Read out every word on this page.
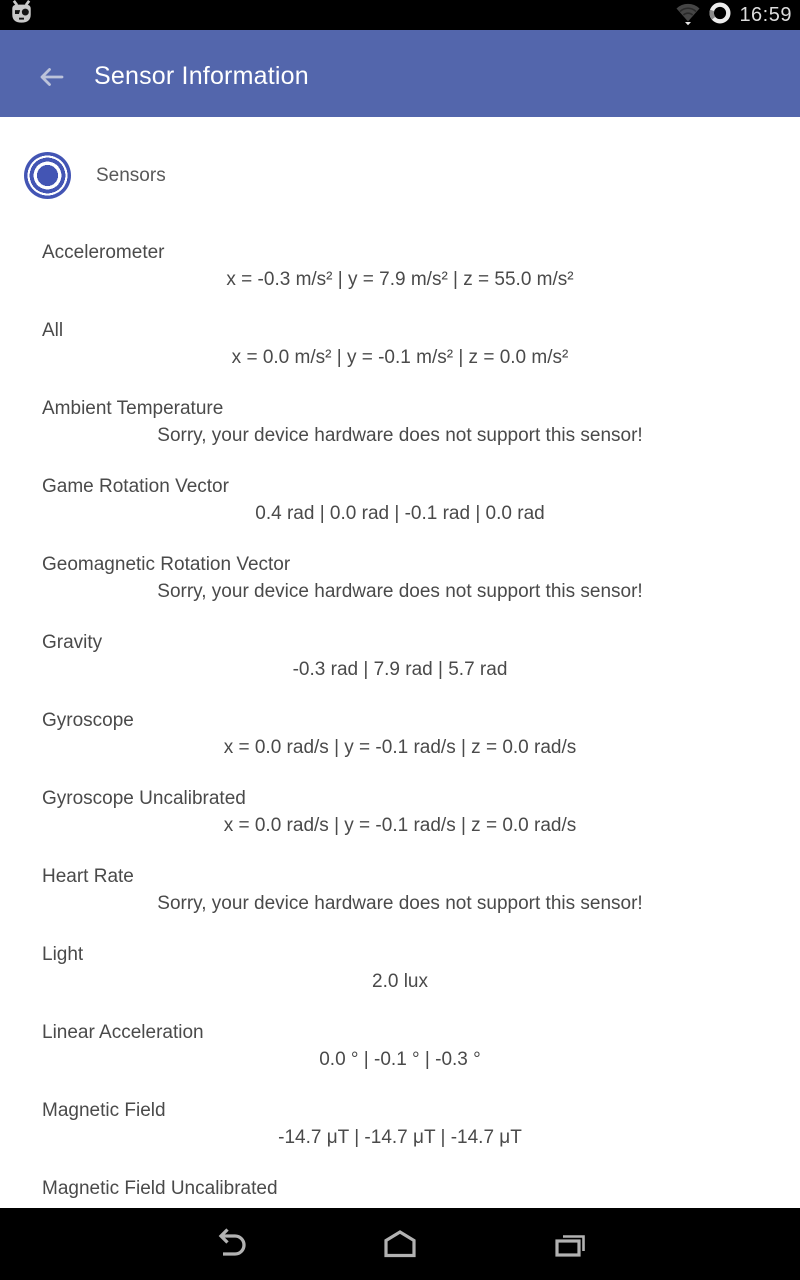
16:59
Sensor Information
Sensors
Accelerometer
x = -0.3 m/s² | y = 7.9 m/s² | z = 55.0 m/s²
All
x = 0.0 m/s² | y = -0.1 m/s² | z = 0.0 m/s²
Ambient Temperature
Sorry, your device hardware does not support this sensor!
Game Rotation Vector
0.4 rad | 0.0 rad | -0.1 rad | 0.0 rad
Geomagnetic Rotation Vector
Sorry, your device hardware does not support this sensor!
Gravity
-0.3 rad | 7.9 rad | 5.7 rad
Gyroscope
x = 0.0 rad/s | y = -0.1 rad/s | z = 0.0 rad/s
Gyroscope Uncalibrated
x = 0.0 rad/s | y = -0.1 rad/s | z = 0.0 rad/s
Heart Rate
Sorry, your device hardware does not support this sensor!
Light
2.0 lux
Linear Acceleration
0.0 ° | -0.1 ° | -0.3 °
Magnetic Field
-14.7 μT | -14.7 μT | -14.7 μT
Magnetic Field Uncalibrated
